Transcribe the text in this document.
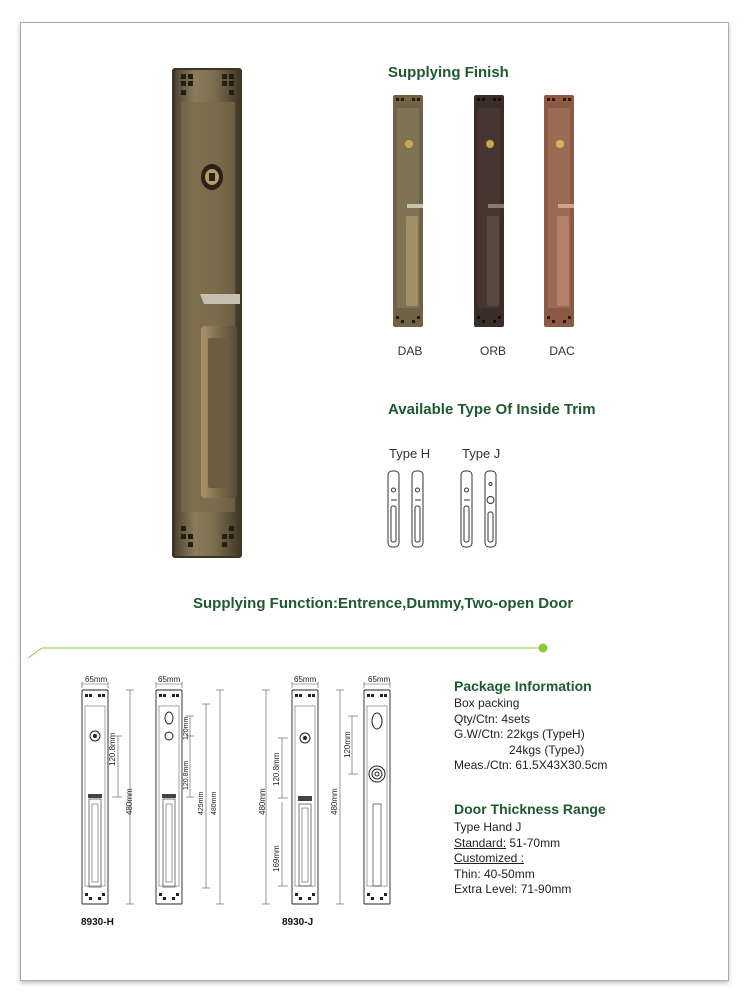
Supplying Finish
DAB	ORB	DAC
Available Type Of Inside Trim
Type H Type J
Supplying Function:Entrence,Dummy,Two-open Door
65mm
120.8mm
480mm
65mm
120mm
120.8mm
425mm 480mm
65mm
480mm
120.8mm
169mm
65mm
120mm
480mm
8930-H	8930-J
Package Information
Box packing
Qty/Ctn: 4sets
G.W/Ctn: 22kgs (TypeH)
24kgs (TypeJ)
Meas./Ctn: 61.5X43X30.5cm
Door Thickness Range
Type Hand J
Standard: 51-70mm
Customized :
Thin: 40-50mm
Extra Level: 71-90mm
